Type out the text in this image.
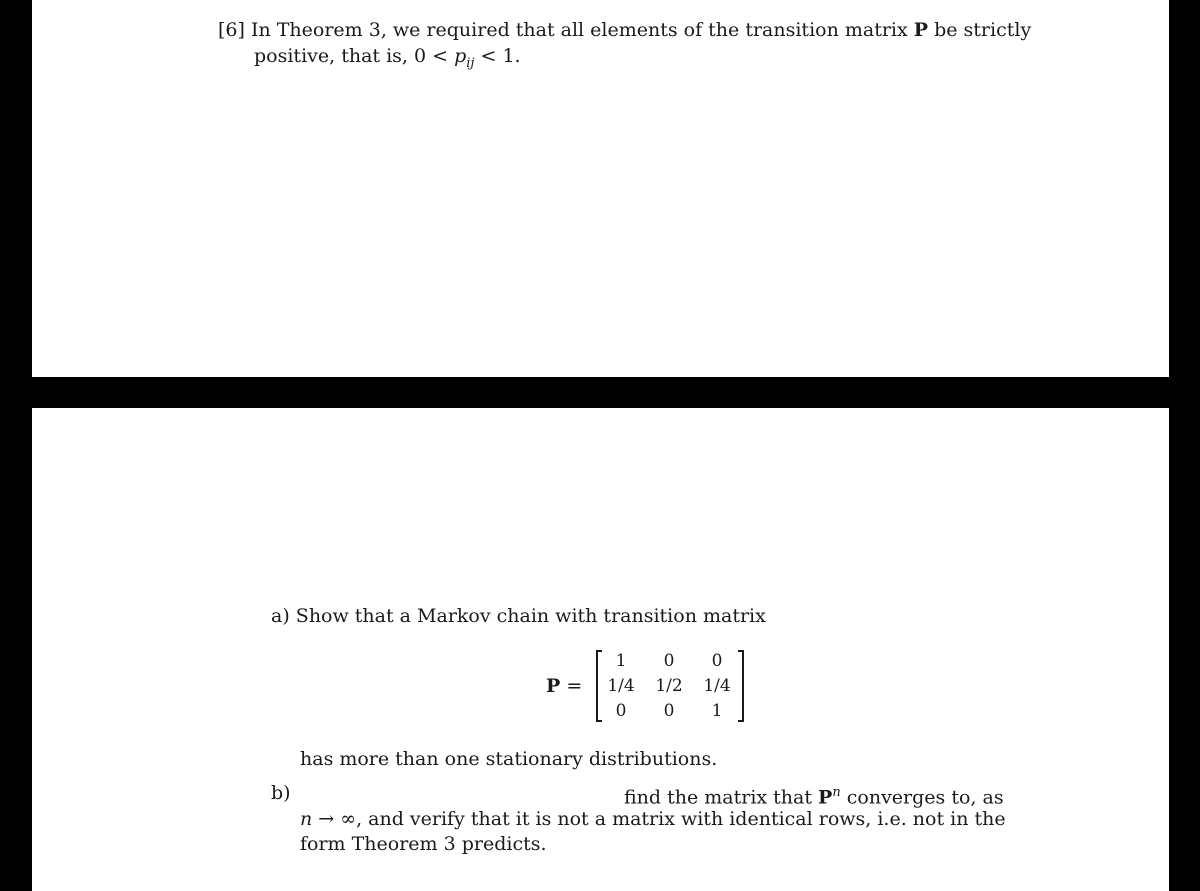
[6] In Theorem 3, we required that all elements of the transition matrix P be strictly
positive, that is, $0 < p_{ij} < 1$.
a) Show that a Markov chain with transition matrix
P =
1	0	0
1/4	1/2	1/4
0	0	1
has more than one stationary distributions.
b)	find the matrix that $P^n$ converges to, as
n → ∞, and verify that it is not a matrix with identical rows, i.e. not in the
form Theorem 3 predicts.
